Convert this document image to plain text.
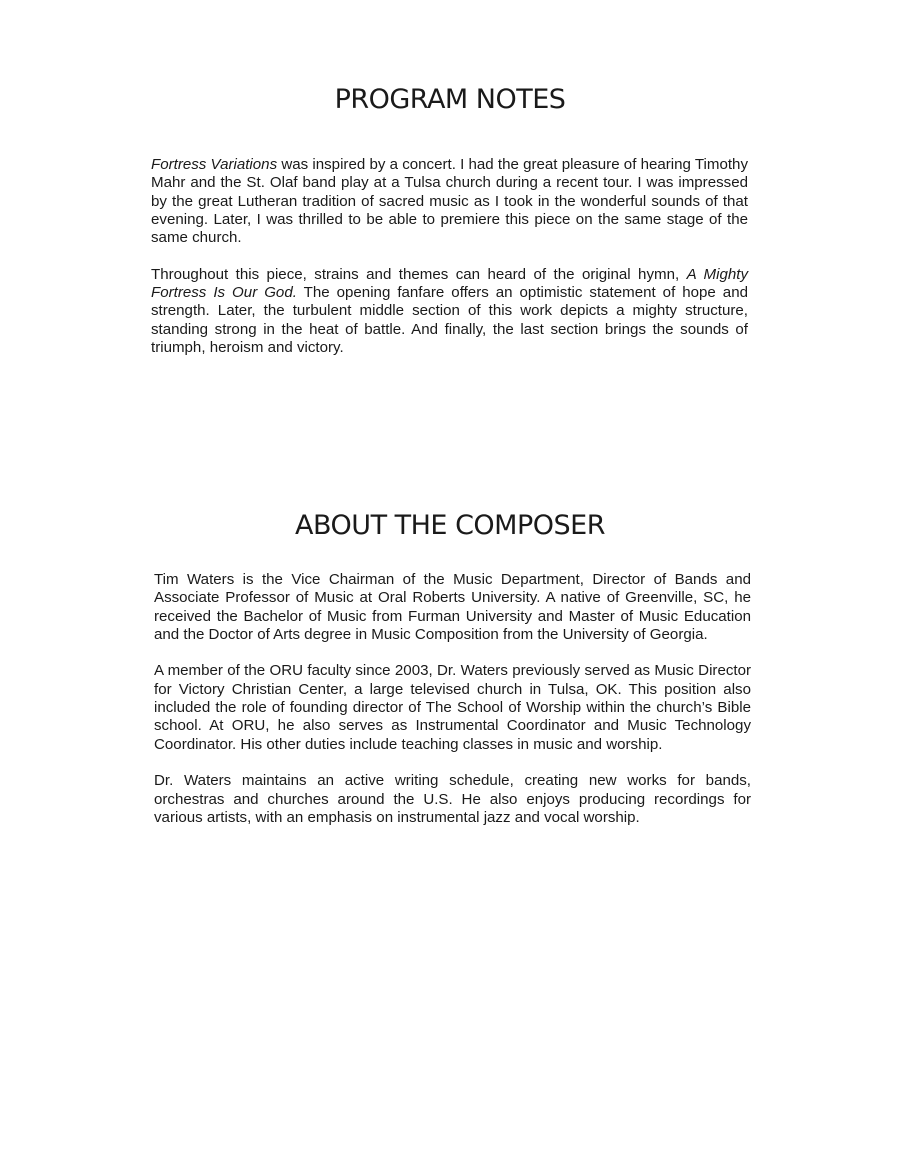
PROGRAM NOTES

Fortress Variations was inspired by a concert. I had the great pleasure of hearing Timothy Mahr and the St. Olaf band play at a Tulsa church during a recent tour. I was impressed by the great Lutheran tradition of sacred music as I took in the wonderful sounds of that evening. Later, I was thrilled to be able to premiere this piece on the same stage of the same church.

Throughout this piece, strains and themes can heard of the original hymn, A Mighty Fortress Is Our God. The opening fanfare offers an optimistic statement of hope and strength. Later, the turbulent middle section of this work depicts a mighty structure, standing strong in the heat of battle. And finally, the last section brings the sounds of triumph, heroism and victory.

ABOUT THE COMPOSER

Tim Waters is the Vice Chairman of the Music Department, Director of Bands and Associate Professor of Music at Oral Roberts University. A native of Greenville, SC, he received the Bachelor of Music from Furman University and Master of Music Education and the Doctor of Arts degree in Music Composition from the University of Georgia.

A member of the ORU faculty since 2003, Dr. Waters previously served as Music Director for Victory Christian Center, a large televised church in Tulsa, OK. This position also included the role of founding director of The School of Worship within the church’s Bible school. At ORU, he also serves as Instrumental Coordinator and Music Technology Coordinator. His other duties include teaching classes in music and worship.

Dr. Waters maintains an active writing schedule, creating new works for bands, orchestras and churches around the U.S. He also enjoys producing recordings for various artists, with an emphasis on instrumental jazz and vocal worship.
